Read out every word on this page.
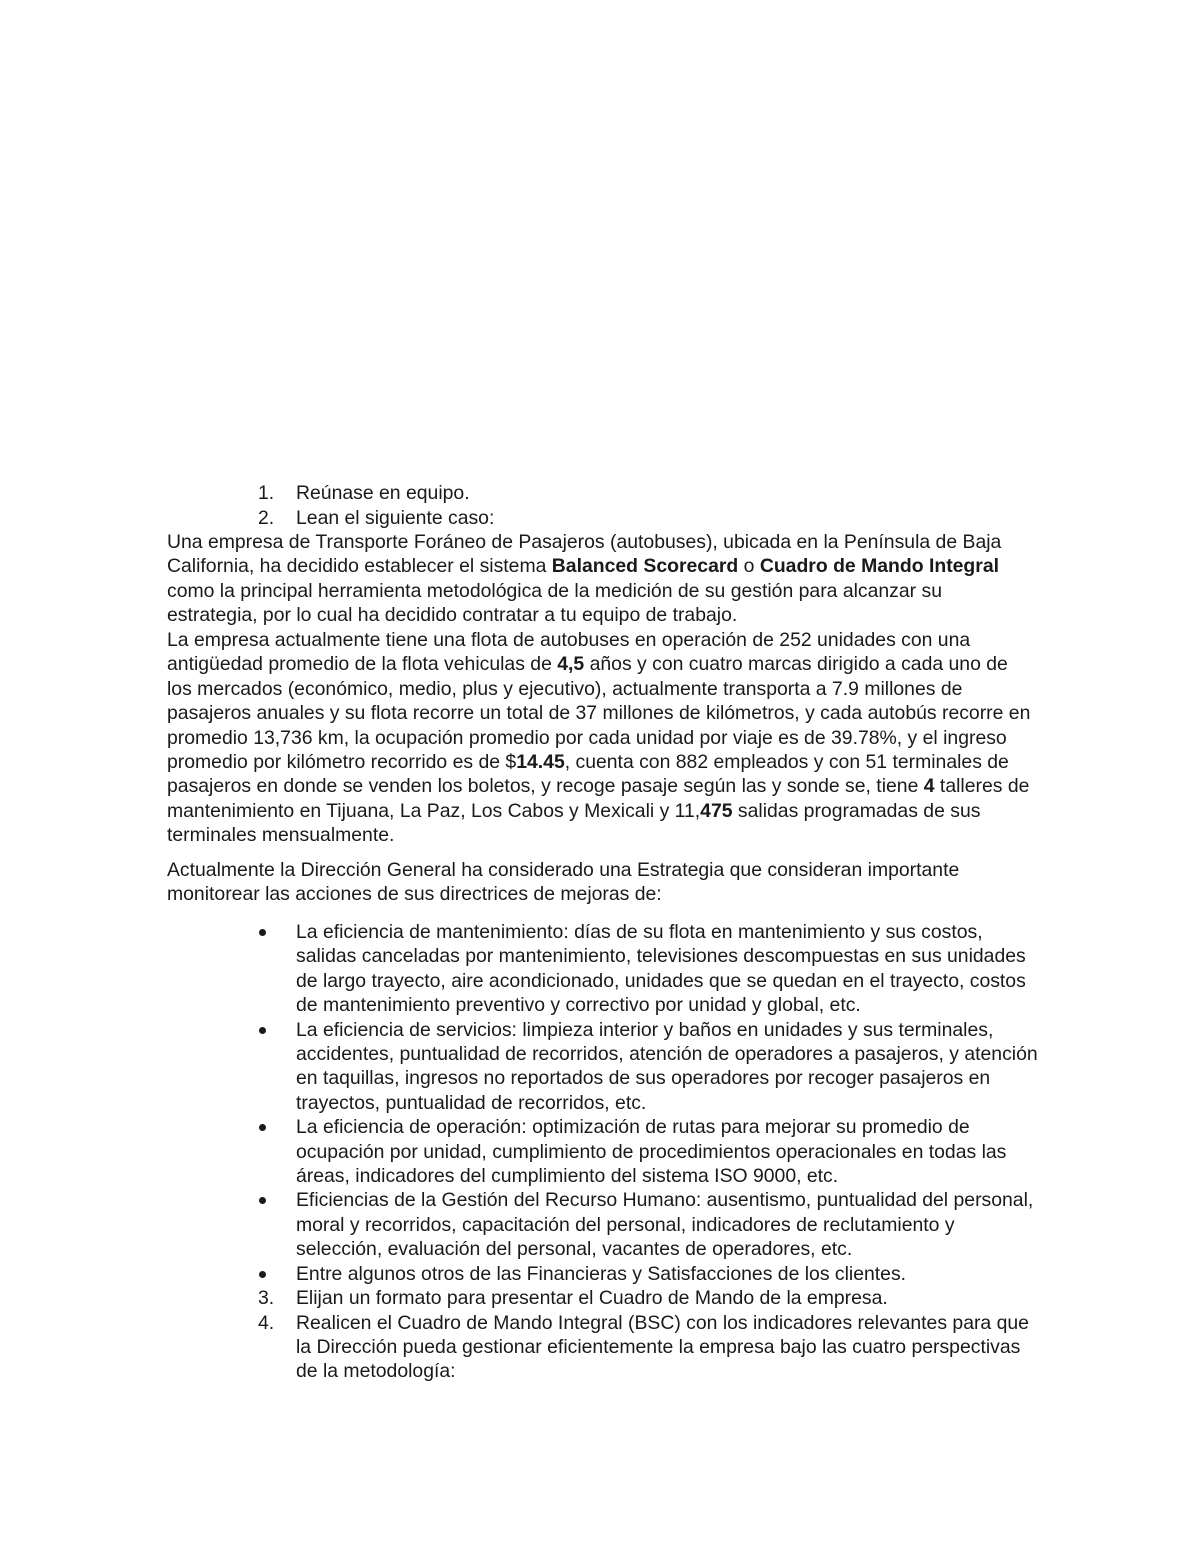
1.	Reúnase en equipo.
2.	Lean el siguiente caso:

Una empresa de Transporte Foráneo de Pasajeros (autobuses), ubicada en la Península de Baja California, ha decidido establecer el sistema Balanced Scorecard o Cuadro de Mando Integral como la principal herramienta metodológica de la medición de su gestión para alcanzar su estrategia, por lo cual ha decidido contratar a tu equipo de trabajo.

La empresa actualmente tiene una flota de autobuses en operación de 252 unidades con una antigüedad promedio de la flota vehiculas de 4,5 años y con cuatro marcas dirigido a cada uno de los mercados (económico, medio, plus y ejecutivo), actualmente transporta a 7.9 millones de pasajeros anuales y su flota recorre un total de 37 millones de kilómetros, y cada autobús recorre en promedio 13,736 km, la ocupación promedio por cada unidad por viaje es de 39.78%, y el ingreso promedio por kilómetro recorrido es de $14.45, cuenta con 882 empleados y con 51 terminales de pasajeros en donde se venden los boletos, y recoge pasaje según las y sonde se, tiene 4 talleres de mantenimiento en Tijuana, La Paz, Los Cabos y Mexicali y 11,475 salidas programadas de sus terminales mensualmente.

Actualmente la Dirección General ha considerado una Estrategia que consideran importante monitorear las acciones de sus directrices de mejoras de:

La eficiencia de mantenimiento: días de su flota en mantenimiento y sus costos, salidas canceladas por mantenimiento, televisiones descompuestas en sus unidades de largo trayecto, aire acondicionado, unidades que se quedan en el trayecto, costos de mantenimiento preventivo y correctivo por unidad y global, etc.
La eficiencia de servicios: limpieza interior y baños en unidades y sus terminales, accidentes, puntualidad de recorridos, atención de operadores a pasajeros, y atención en taquillas, ingresos no reportados de sus operadores por recoger pasajeros en trayectos, puntualidad de recorridos, etc.
La eficiencia de operación: optimización de rutas para mejorar su promedio de ocupación por unidad, cumplimiento de procedimientos operacionales en todas las áreas, indicadores del cumplimiento del sistema ISO 9000, etc.
Eficiencias de la Gestión del Recurso Humano: ausentismo, puntualidad del personal, moral y recorridos, capacitación del personal, indicadores de reclutamiento y selección, evaluación del personal, vacantes de operadores, etc.
Entre algunos otros de las Financieras y Satisfacciones de los clientes.
3. Elijan un formato para presentar el Cuadro de Mando de la empresa.
4. Realicen el Cuadro de Mando Integral (BSC) con los indicadores relevantes para que la Dirección pueda gestionar eficientemente la empresa bajo las cuatro perspectivas de la metodología:
